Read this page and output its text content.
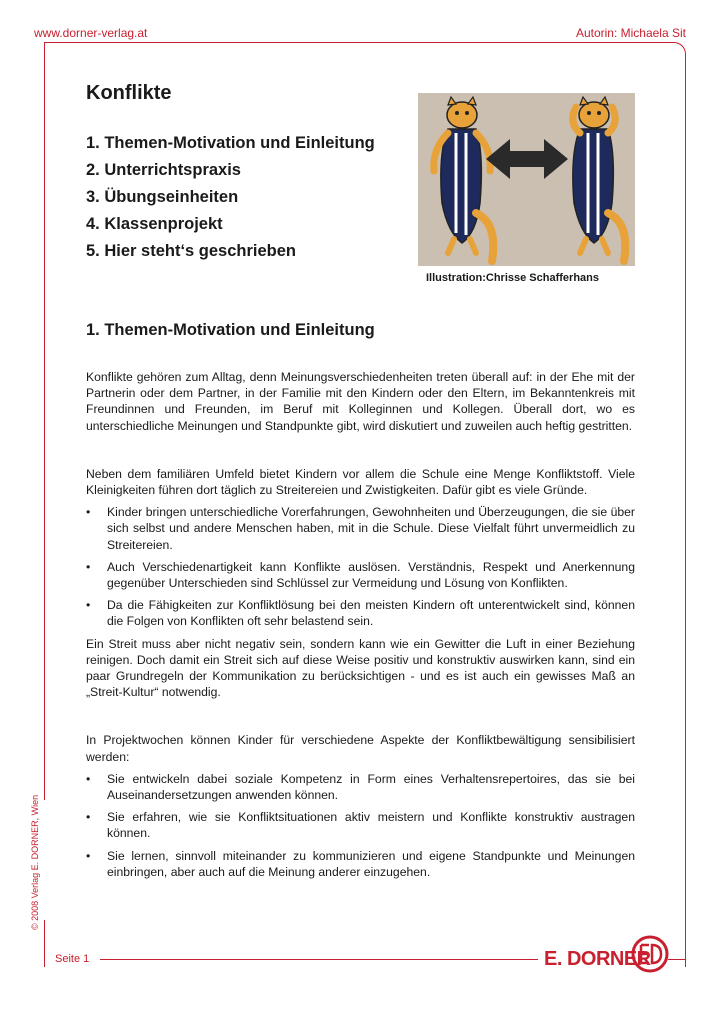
www.dorner-verlag.at	Autorin: Michaela Sit
Konflikte
1. Themen-Motivation und Einleitung
2. Unterrichtspraxis
3. Übungseinheiten
4. Klassenprojekt
5. Hier steht‘s geschrieben
Illustration:Chrisse Schafferhans
1. Themen-Motivation und Einleitung

Konflikte gehören zum Alltag, denn Meinungsverschiedenheiten treten überall auf: in der Ehe mit der Partnerin oder dem Partner, in der Familie mit den Kindern oder den Eltern, im Bekanntenkreis mit Freundinnen und Freunden, im Beruf mit Kolleginnen und Kollegen. Überall dort, wo es unterschiedliche Meinungen und Standpunkte gibt, wird diskutiert und zuweilen auch heftig gestritten.

Neben dem familiären Umfeld bietet Kindern vor allem die Schule eine Menge Konfliktstoff. Viele Kleinigkeiten führen dort täglich zu Streitereien und Zwistigkeiten. Dafür gibt es viele Gründe.

• Kinder bringen unterschiedliche Vorerfahrungen, Gewohnheiten und Überzeugungen, die sie über sich selbst und andere Menschen haben, mit in die Schule. Diese Vielfalt führt unvermeidlich zu Streitereien.
• Auch Verschiedenartigkeit kann Konflikte auslösen. Verständnis, Respekt und Anerkennung gegenüber Unterschieden sind Schlüssel zur Vermeidung und Lösung von Konflikten.
• Da die Fähigkeiten zur Konfliktlösung bei den meisten Kindern oft unterentwickelt sind, können die Folgen von Konflikten oft sehr belastend sein.

Ein Streit muss aber nicht negativ sein, sondern kann wie ein Gewitter die Luft in einer Beziehung reinigen. Doch damit ein Streit sich auf diese Weise positiv und konstruktiv auswirken kann, sind ein paar Grundregeln der Kommunikation zu berücksichtigen - und es ist auch ein gewisses Maß an „Streit-Kultur“ notwendig.

In Projektwochen können Kinder für verschiedene Aspekte der Konfliktbewältigung sensibilisiert werden:

• Sie entwickeln dabei soziale Kompetenz in Form eines Verhaltensrepertoires, das sie bei Auseinandersetzungen anwenden können.
• Sie erfahren, wie sie Konfliktsituationen aktiv meistern und Konflikte konstruktiv austragen können.
• Sie lernen, sinnvoll miteinander zu kommunizieren und eigene Standpunkte und Meinungen einbringen, aber auch auf die Meinung anderer einzugehen.
© 2008 Verlag E. DORNER, Wien
Seite 1	E. DORNER
